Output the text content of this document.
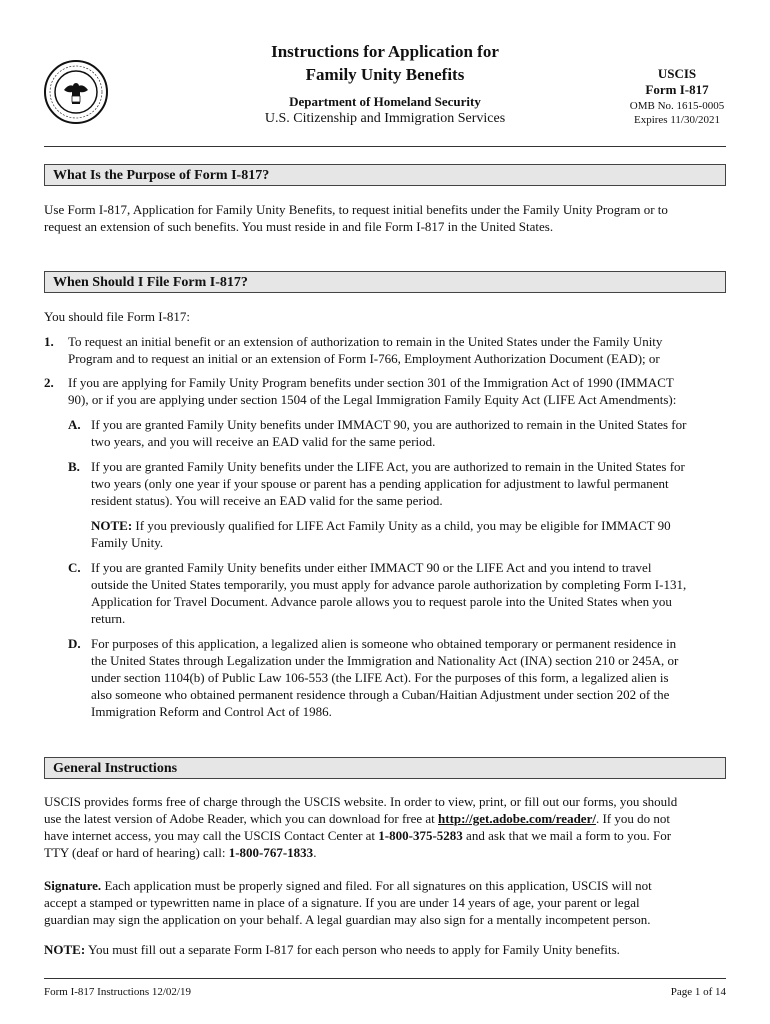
Instructions for Application for
Family Unity Benefits
Department of Homeland Security
U.S. Citizenship and Immigration Services
USCIS
Form I-817
OMB No. 1615-0005
Expires 11/30/2021
What Is the Purpose of Form I-817?
Use Form I-817, Application for Family Unity Benefits, to request initial benefits under the Family Unity Program or to
request an extension of such benefits. You must reside in and file Form I-817 in the United States.
When Should I File Form I-817?
You should file Form I-817:
1. To request an initial benefit or an extension of authorization to remain in the United States under the Family Unity
Program and to request an initial or an extension of Form I-766, Employment Authorization Document (EAD); or
2. If you are applying for Family Unity Program benefits under section 301 of the Immigration Act of 1990 (IMMACT
90), or if you are applying under section 1504 of the Legal Immigration Family Equity Act (LIFE Act Amendments):
A. If you are granted Family Unity benefits under IMMACT 90, you are authorized to remain in the United States for
two years, and you will receive an EAD valid for the same period.
B. If you are granted Family Unity benefits under the LIFE Act, you are authorized to remain in the United States for
two years (only one year if your spouse or parent has a pending application for adjustment to lawful permanent
resident status). You will receive an EAD valid for the same period.
NOTE: If you previously qualified for LIFE Act Family Unity as a child, you may be eligible for IMMACT 90
Family Unity.
C. If you are granted Family Unity benefits under either IMMACT 90 or the LIFE Act and you intend to travel
outside the United States temporarily, you must apply for advance parole authorization by completing Form I-131,
Application for Travel Document. Advance parole allows you to request parole into the United States when you
return.
D. For purposes of this application, a legalized alien is someone who obtained temporary or permanent residence in
the United States through Legalization under the Immigration and Nationality Act (INA) section 210 or 245A, or
under section 1104(b) of Public Law 106-553 (the LIFE Act). For the purposes of this form, a legalized alien is
also someone who obtained permanent residence through a Cuban/Haitian Adjustment under section 202 of the
Immigration Reform and Control Act of 1986.
General Instructions
USCIS provides forms free of charge through the USCIS website. In order to view, print, or fill out our forms, you should
use the latest version of Adobe Reader, which you can download for free at http://get.adobe.com/reader/. If you do not
have internet access, you may call the USCIS Contact Center at 1-800-375-5283 and ask that we mail a form to you. For
TTY (deaf or hard of hearing) call: 1-800-767-1833.
Signature. Each application must be properly signed and filed. For all signatures on this application, USCIS will not
accept a stamped or typewritten name in place of a signature. If you are under 14 years of age, your parent or legal
guardian may sign the application on your behalf. A legal guardian may also sign for a mentally incompetent person.
NOTE: You must fill out a separate Form I-817 for each person who needs to apply for Family Unity benefits.
Form I-817 Instructions 12/02/19	Page 1 of 14
